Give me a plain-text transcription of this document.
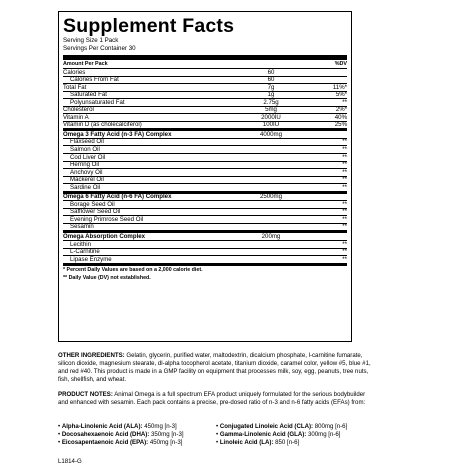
Supplement Facts
Serving Size 1 Pack
Servings Per Container 30
Amount Per Pack	%DV
Calories	60
Calories From Fat	60
Total Fat	7g	11%*
Saturated Fat	1g	5%*
Polyunsaturated Fat	2.75g	**
Cholesterol	5mg	2%*
Vitamin A	2000IU	40%
Vitamin D (as cholecalciferol)	100IU	25%
Omega 3 Fatty Acid (n-3 FA) Complex	4000mg
Flaxseed Oil	**
Salmon Oil	**
Cod Liver Oil	**
Herring Oil	**
Anchovy Oil	**
Mackerel Oil	**
Sardine Oil	**
Omega 6 Fatty Acid (n-6 FA) Complex	2500mg
Borage Seed Oil	**
Safflower Seed Oil	**
Evening Primrose Seed Oil	**
Sesamin	**
Omega Absorption Complex	200mg
Lecithin	**
L-Carnitine	**
Lipase Enzyme	**
* Percent Daily Values are based on a 2,000 calorie diet.
** Daily Value (DV) not established.
OTHER INGREDIENTS: Gelatin, glycerin, purified water, maltodextrin, dicalcium phosphate, l-carnitine fumarate, silicon dioxide, magnesium stearate, dl-alpha tocopherol acetate, titanium dioxide, caramel color, yellow #5, blue #1, and red #40. This product is made in a GMP facility on equipment that processes milk, soy, egg, peanuts, tree nuts, fish, shellfish, and wheat.
PRODUCT NOTES: Animal Omega is a full spectrum EFA product uniquely formulated for the serious bodybuilder and enhanced with sesamin. Each pack contains a precise, pre-dosed ratio of n-3 and n-6 fatty acids (EFAs) from:
• Alpha-Linolenic Acid (ALA): 450mg [n-3]
• Docosahexaenoic Acid (DHA): 350mg [n-3]
• Eicosapentaenoic Acid (EPA): 450mg [n-3]
• Conjugated Linoleic Acid (CLA): 800mg [n-6]
• Gamma-Linolenic Acid (GLA): 300mg [n-6]
• Linoleic Acid (LA): 850 [n-6]
L1814-G
